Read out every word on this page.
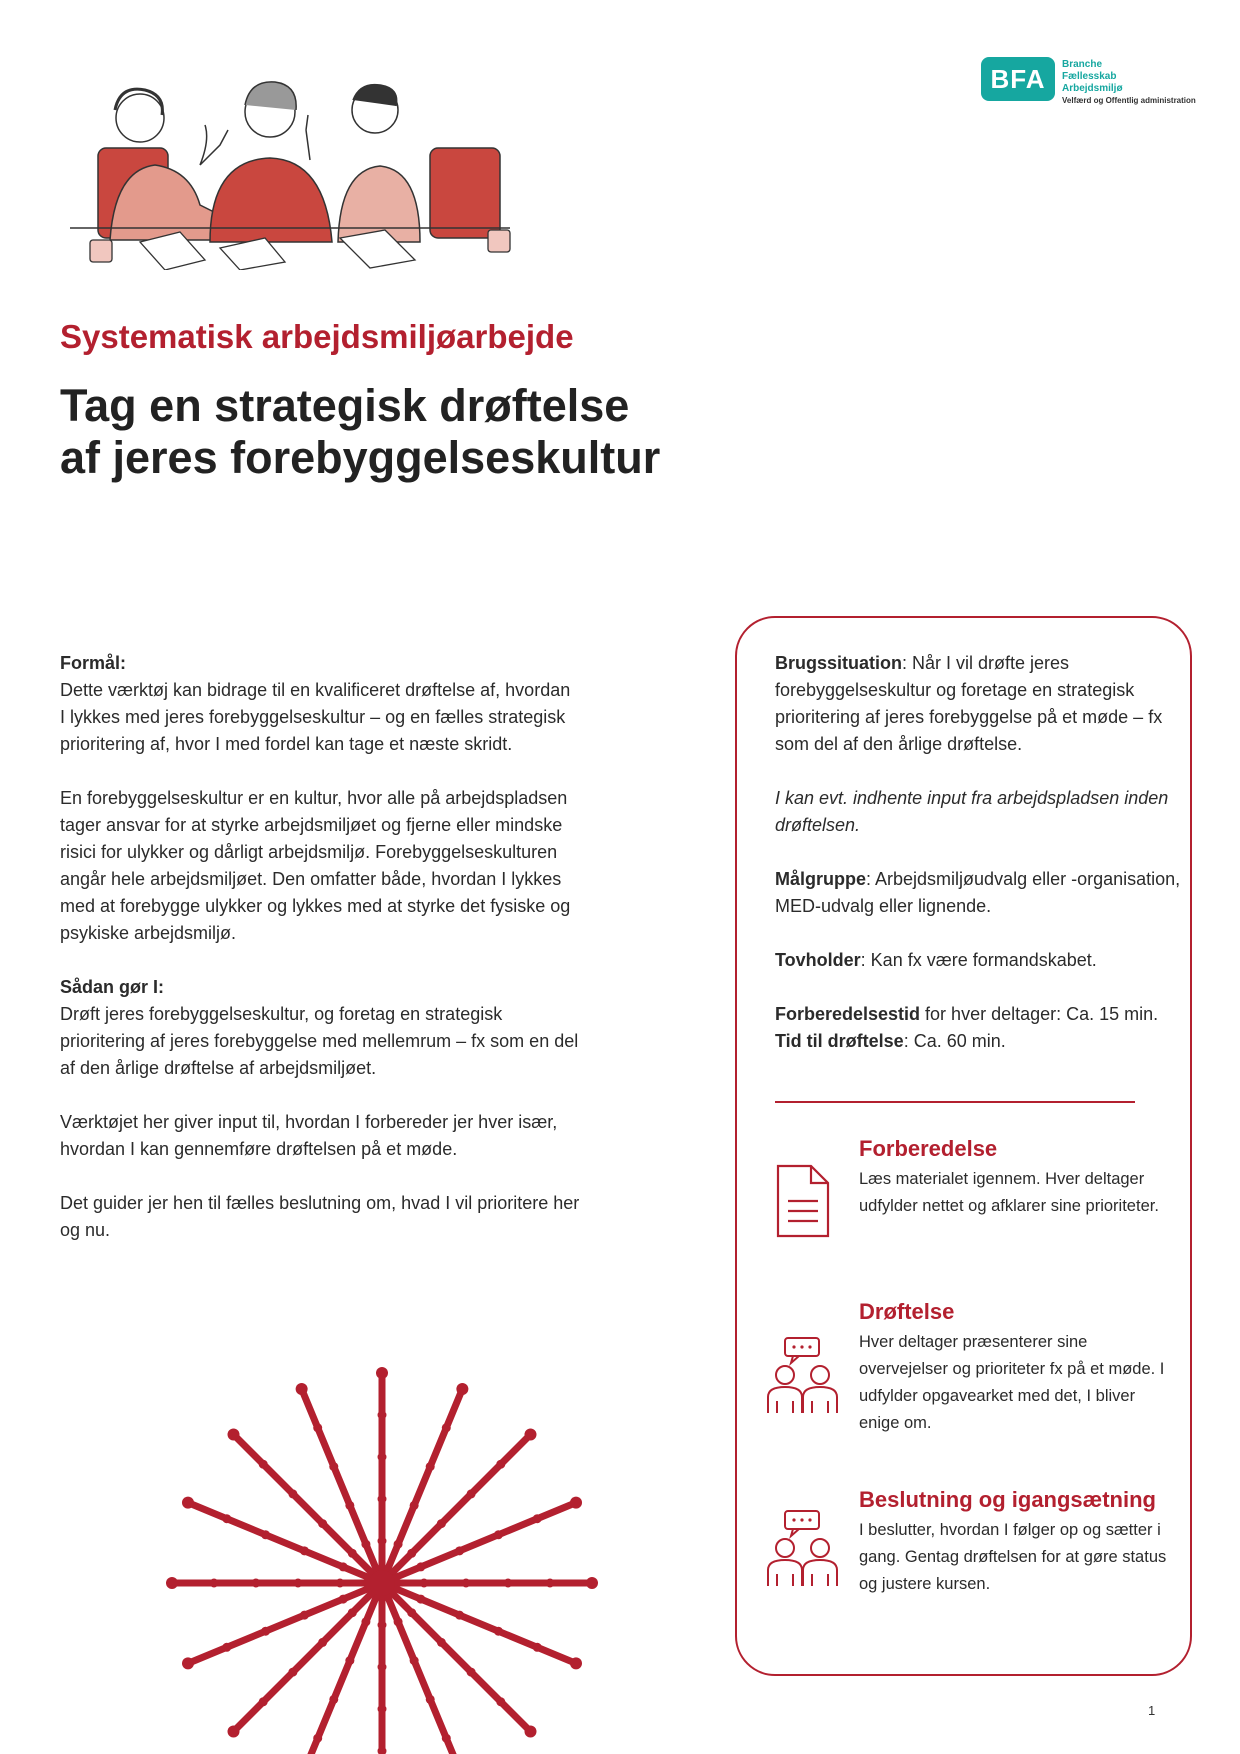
BFA	Branche
Fællesskab
Arbejdsmiljø
Velfærd og Offentlig administration
Systematisk arbejdsmiljøarbejde
Tag en strategisk drøftelse
af jeres forebyggelseskultur

Formål:
Dette værktøj kan bidrage til en kvalificeret drøftelse af, hvordan I lykkes med jeres forebyggelseskultur – og en fælles strategisk prioritering af, hvor I med fordel kan tage et næste skridt.

En forebyggelseskultur er en kultur, hvor alle på arbejdspladsen tager ansvar for at styrke arbejdsmiljøet og fjerne eller mindske risici for ulykker og dårligt arbejdsmiljø. Forebyggelseskulturen angår hele arbejdsmiljøet. Den omfatter både, hvordan I lykkes med at forebygge ulykker og lykkes med at styrke det fysiske og psykiske arbejdsmiljø.

Sådan gør I:
Drøft jeres forebyggelseskultur, og foretag en strategisk prioritering af jeres forebyggelse med mellemrum – fx som en del af den årlige drøftelse af arbejdsmiljøet.

Værktøjet her giver input til, hvordan I forbereder jer hver især, hvordan I kan gennemføre drøftelsen på et møde.

Det guider jer hen til fælles beslutning om, hvad I vil prioritere her og nu.

Brugssituation: Når I vil drøfte jeres forebyggelseskultur og foretage en strategisk prioritering af jeres forebyggelse på et møde – fx som del af den årlige drøftelse.

I kan evt. indhente input fra arbejdspladsen inden drøftelsen.

Målgruppe: Arbejdsmiljøudvalg eller -organisation, MED-udvalg eller lignende.

Tovholder: Kan fx være formandskabet.

Forberedelsestid for hver deltager: Ca. 15 min.
Tid til drøftelse: Ca. 60 min.

Forberedelse
Læs materialet igennem. Hver deltager udfylder nettet og afklarer sine prioriteter.
Drøftelse
Hver deltager præsenterer sine overvejelser og prioriteter fx på et møde. I udfylder opgavearket med det, I bliver enige om.
Beslutning og igangsætning
I beslutter, hvordan I følger op og sætter i gang. Gentag drøftelsen for at gøre status og justere kursen.
1
